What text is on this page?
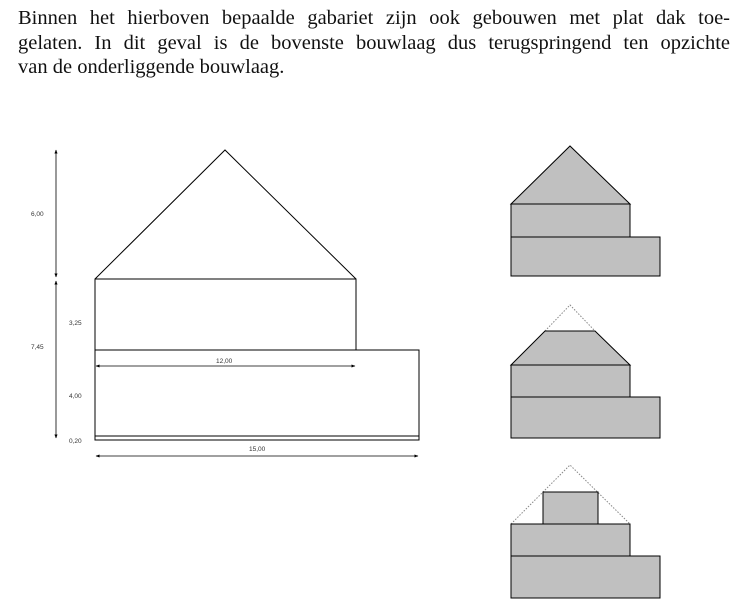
Binnen het hierboven bepaalde gabariet zijn ook gebouwen met plat dak toe-
gelaten. In dit geval is de bovenste bouwlaag dus terugspringend ten opzichte
van de onderliggende bouwlaag.
6,00
3,25
7,45
4,00
0,20
12,00
15,00
